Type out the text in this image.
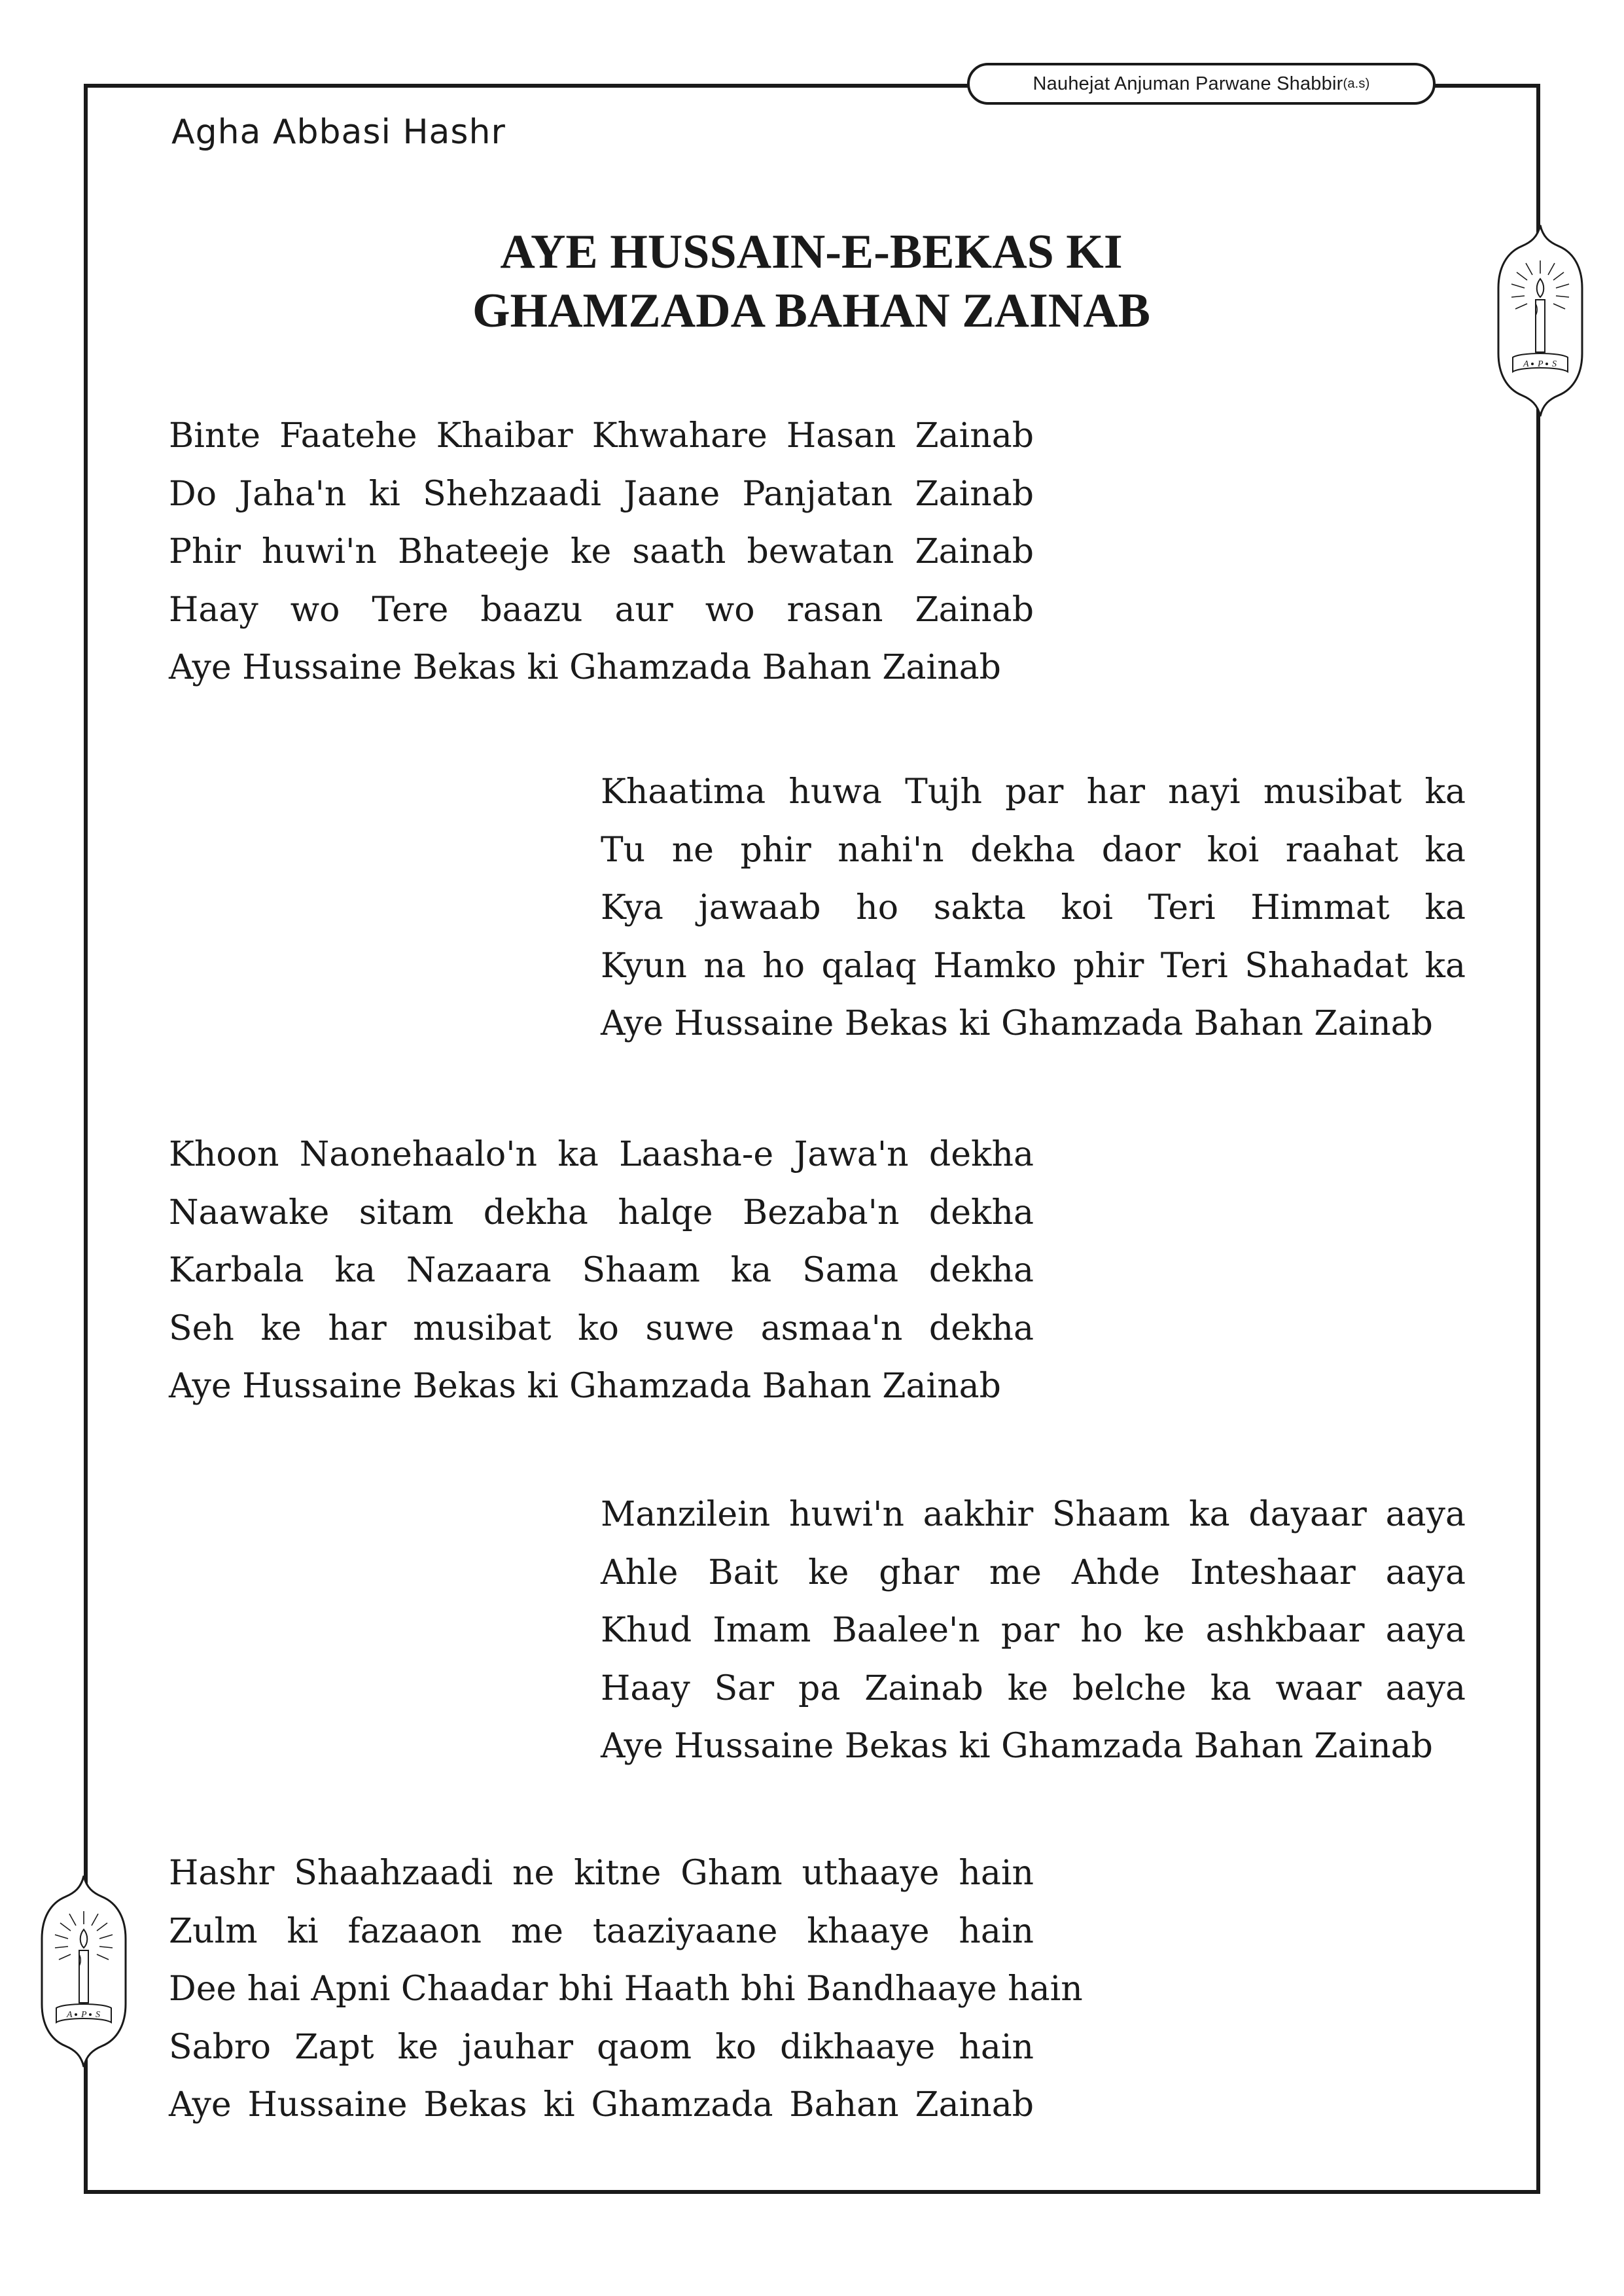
Nauhejat Anjuman Parwane Shabbir (a.s)
Agha Abbasi Hashr
AYE HUSSAIN-E-BEKAS KI
GHAMZADA BAHAN ZAINAB
Binte Faatehe Khaibar Khwahare Hasan Zainab
Do Jaha'n ki Shehzaadi Jaane Panjatan Zainab
Phir huwi'n Bhateeje ke saath bewatan Zainab
Haay wo Tere baazu aur wo rasan Zainab
Aye Hussaine Bekas ki Ghamzada Bahan Zainab
Khaatima huwa Tujh par har nayi musibat ka
Tu ne phir nahi'n dekha daor koi raahat ka
Kya jawaab ho sakta koi Teri Himmat ka
Kyun na ho qalaq Hamko phir Teri Shahadat ka
Aye Hussaine Bekas ki Ghamzada Bahan Zainab
Khoon Naonehaalo'n ka Laasha-e Jawa'n dekha
Naawake sitam dekha halqe Bezaba'n dekha
Karbala ka Nazaara Shaam ka Sama dekha
Seh ke har musibat ko suwe asmaa'n dekha
Aye Hussaine Bekas ki Ghamzada Bahan Zainab
Manzilein huwi'n aakhir Shaam ka dayaar aaya
Ahle Bait ke ghar me Ahde Inteshaar aaya
Khud Imam Baalee'n par ho ke ashkbaar aaya
Haay Sar pa Zainab ke belche ka waar aaya
Aye Hussaine Bekas ki Ghamzada Bahan Zainab
Hashr Shaahzaadi ne kitne Gham uthaaye hain
Zulm ki fazaaon me taaziyaane khaaye hain
Dee hai Apni Chaadar bhi Haath bhi Bandhaaye hain
Sabro Zapt ke jauhar qaom ko dikhaaye hain
Aye Hussaine Bekas ki Ghamzada Bahan Zainab
A P S
A P S
